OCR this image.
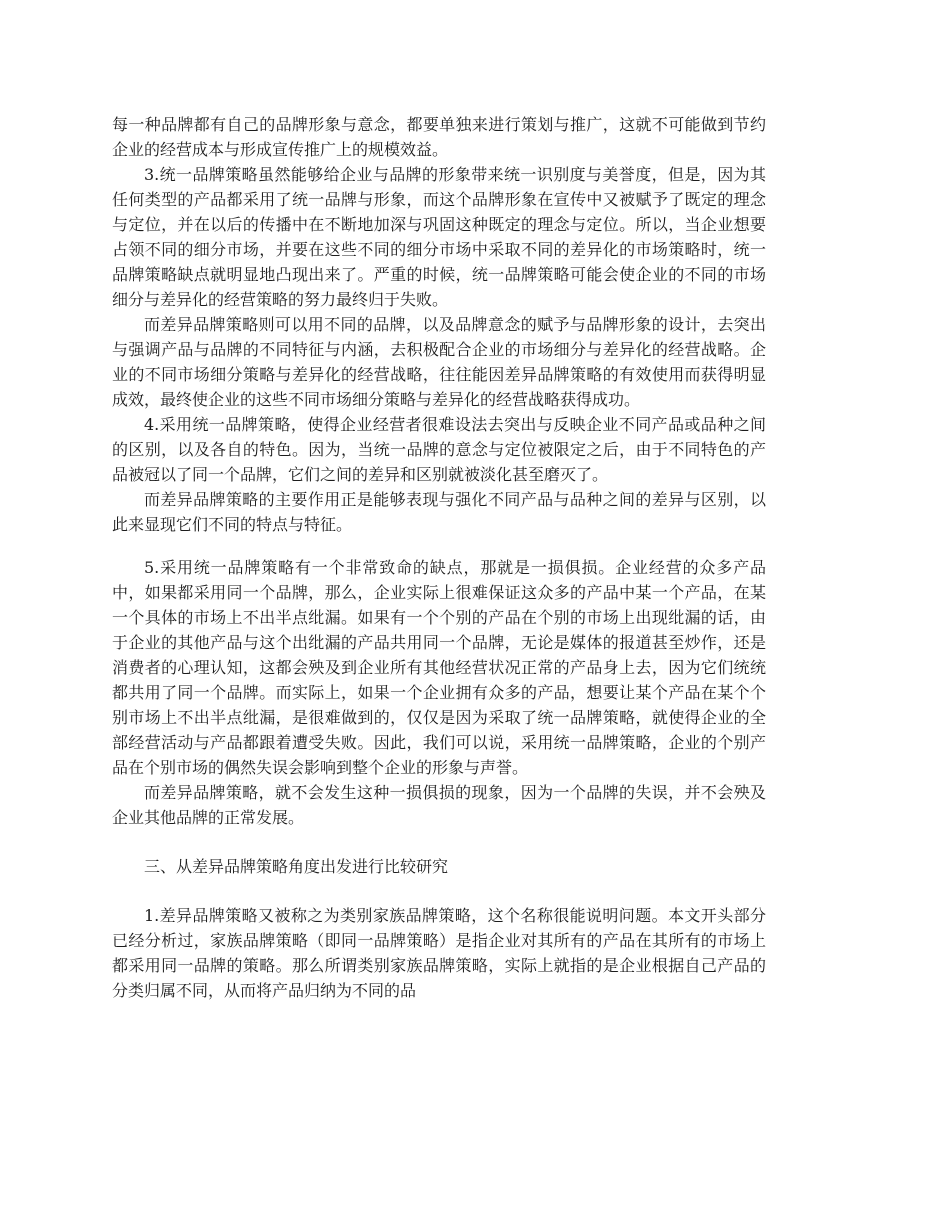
每一种品牌都有自己的品牌形象与意念，都要单独来进行策划与推广，这就不可能做到节约企业的经营成本与形成宣传推广上的规模效益。

3.统一品牌策略虽然能够给企业与品牌的形象带来统一识别度与美誉度，但是，因为其任何类型的产品都采用了统一品牌与形象，而这个品牌形象在宣传中又被赋予了既定的理念与定位，并在以后的传播中在不断地加深与巩固这种既定的理念与定位。所以，当企业想要占领不同的细分市场，并要在这些不同的细分市场中采取不同的差异化的市场策略时，统一品牌策略缺点就明显地凸现出来了。严重的时候，统一品牌策略可能会使企业的不同的市场细分与差异化的经营策略的努力最终归于失败。

而差异品牌策略则可以用不同的品牌，以及品牌意念的赋予与品牌形象的设计，去突出与强调产品与品牌的不同特征与内涵，去积极配合企业的市场细分与差异化的经营战略。企业的不同市场细分策略与差异化的经营战略，往往能因差异品牌策略的有效使用而获得明显成效，最终使企业的这些不同市场细分策略与差异化的经营战略获得成功。

4.采用统一品牌策略，使得企业经营者很难设法去突出与反映企业不同产品或品种之间的区别，以及各自的特色。因为，当统一品牌的意念与定位被限定之后，由于不同特色的产品被冠以了同一个品牌，它们之间的差异和区别就被淡化甚至磨灭了。

而差异品牌策略的主要作用正是能够表现与强化不同产品与品种之间的差异与区别，以此来显现它们不同的特点与特征。

5.采用统一品牌策略有一个非常致命的缺点，那就是一损俱损。企业经营的众多产品中，如果都采用同一个品牌，那么，企业实际上很难保证这众多的产品中某一个产品，在某一个具体的市场上不出半点纰漏。如果有一个个别的产品在个别的市场上出现纰漏的话，由于企业的其他产品与这个出纰漏的产品共用同一个品牌，无论是媒体的报道甚至炒作，还是消费者的心理认知，这都会殃及到企业所有其他经营状况正常的产品身上去，因为它们统统都共用了同一个品牌。而实际上，如果一个企业拥有众多的产品，想要让某个产品在某个个别市场上不出半点纰漏，是很难做到的，仅仅是因为采取了统一品牌策略，就使得企业的全部经营活动与产品都跟着遭受失败。因此，我们可以说，采用统一品牌策略，企业的个别产品在个别市场的偶然失误会影响到整个企业的形象与声誉。

而差异品牌策略，就不会发生这种一损俱损的现象，因为一个品牌的失误，并不会殃及企业其他品牌的正常发展。

三、从差异品牌策略角度出发进行比较研究

1.差异品牌策略又被称之为类别家族品牌策略，这个名称很能说明问题。本文开头部分已经分析过，家族品牌策略（即同一品牌策略）是指企业对其所有的产品在其所有的市场上都采用同一品牌的策略。那么所谓类别家族品牌策略，实际上就指的是企业根据自己产品的分类归属不同，从而将产品归纳为不同的品
